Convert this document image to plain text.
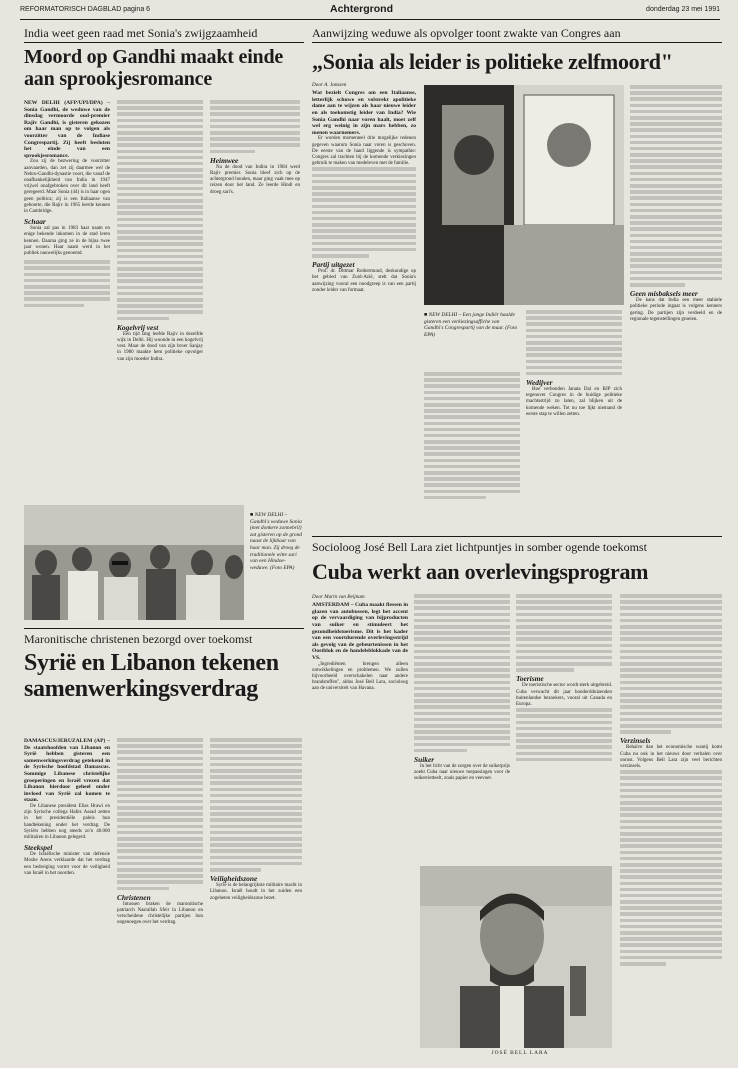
REFORMATORISCH DAGBLAD pagina 6	Achtergrond	donderdag 23 mei 1991
India weet geen raad met Sonia's zwijgzaamheid
Moord op Gandhi maakt einde aan sprookjesromance

NEW DELHI (AFP/UPI/DPA) – Sonia Gandhi, de weduwe van de dinsdag vermoorde oud-premier Rajiv Gandhi, is gisteren gekozen om haar man op te volgen als voorzitter van de Indiase Congrespartij. Zij heeft besloten het einde van een sprookjesromance.

Zou zij de bezwering de voorzitter aanvaarden, dan zet zij daarmee wel de Nehru-Gandhi-dynastie voort, die vanaf de onafhankelijkheid van India in 1947 vrijwel onafgebroken over dit land heeft geregeerd. Maar Sonia (44) is in haar ogen geen politica; zij is een Italiaanse van geboorte, die Rajiv in 1965 leerde kennen in Cambridge.

Schaar

Sonia zal pas in 1983 haar naam en enige bekende inkomen in de stad leren kennen. Daarna ging ze in de bijna twee jaar wonen. Haar naam werd in het publiek nauwelijks genoemd.

Kogelvrij vest

Een tijd lang leefde Rajiv in dezelfde wijk in Delhi. Hij woonde in een kogelvrij vest. Maar de dood van zijn broer Sanjay in 1980 maakte hem politieke opvolger van zijn moeder Indira.

Heimwee

Na de dood van Indira in 1984 werd Rajiv premier. Sonia bleef zich op de achtergrond houden, maar ging vaak mee op reizen door het land. Ze leerde Hindi en droeg sari's.

■ NEW DELHI – Gandhi's weduwe Sonia (met donkere zonnebril) zat gisteren op de grond naast de lijkbaar van haar man. Zij droeg de traditionele witte sari van een Hindoe-weduwe. (Foto EPA)
Aanwijzing weduwe als opvolger toont zwakte van Congres aan
„Sonia als leider is politieke zelfmoord"

Door A. Janssen

Wat bezielt Congres om een Italiaanse, letterlijk schuwe en volstrekt apolitieke dame aan te wijzen als haar nieuwe leider en als toekomstig leider van India? Wie Sonia Gandhi naar voren haalt, moet zelf wel erg weinig in zijn mars hebben, zo menen waarnemers.

Er worden momenteel drie mogelijke redenen gegeven waarom Sonia naar voren is geschoven. De eerste van de hand liggende is sympathie: Congres zal trachten bij de komende verkiezingen gebruik te maken van medeleven met de familie.

Partij uitgezet

Prof. dr. Dittmar Rothermund, deskundige op het gebied van Zuid-Azië, stelt dat Sonia's aanwijzing vooral een noodgreep is van een partij zonder leider van formaat.

■ NEW DELHI – Een jonge Indiër haalde gisteren een verkiezingsaffiche van Gandhi's Congrespartij van de muur. (Foto EPA)

Wedijver

Hoe verbonden Janata Dal en BJP zich tegenover Congres in de huidige politieke machtsstrijd zo laten, zal blijken uit de komende weken. Tot nu toe lijkt niemand de eerste stap te willen zetten.

Geen misbaksels meer

De kans dat India een meer stabiele politieke periode ingaat is volgens kenners gering. De partijen zijn verdeeld en de regionale tegenstellingen groeien.

Maronitische christenen bezorgd over toekomst
Syrië en Libanon tekenen samenwerkingsverdrag

DAMASCUS/JERUZALEM (AP) – De staatshoofden van Libanon en Syrië hebben gisteren een samenwerkingsverdrag getekend in de Syrische hoofdstad Damascus. Sommige Libanese christelijke groeperingen en Israël vrezen dat Libanon hierdoor geheel onder invloed van Syrië zal komen te staan.

De Libanese president Elias Hrawi en zijn Syrische collega Hafez Assad zetten in het presidentiële paleis hun handtekening onder het verdrag. De Syriërs hebben nog steeds zo'n 40.000 militairen in Libanon gelegerd.

Steekspel

De Israëlische minister van defensie Moshe Arens verklaarde dat het verdrag een bedreiging vormt voor de veiligheid van Israël in het noorden.

Christenen

Intussen braken de maronitische patriarch Nasrallah Sfeir in Libanon en verscheidene christelijke partijen hun ongenoegen over het verdrag.

Veiligheidszone

Syrië is de belangrijkste militaire macht in Libanon. Israël houdt in het zuiden een zogeheten veiligheidszone bezet.

Socioloog José Bell Lara ziet lichtpuntjes in somber ogende toekomst
Cuba werkt aan overlevingsprogram

Door Marin van Beijnum

AMSTERDAM – Cuba maakt flessen in glazen van autobussen, legt het accent op de vervaardiging van bijproducten van suiker en stimuleert het gezondheidstoerisme. Dit is het kader van een voortdurende overlevingsstrijd als gevolg van de gebeurtenissen in het Oostblok en de handelsblokkade van de VS.

„Ingrediënten brengen alleen ontwikkelingen en problemen. We zullen bijvoorbeeld overschakelen naar andere brandstoffen", aldus José Bell Lara, socioloog aan de universiteit van Havana.

Suiker

In het licht van de zorgen over de suikerprijs zoekt Cuba naar nieuwe toepassingen voor de suikerrietteelt, zoals papier en veevoer.

Toerisme

De toeristische sector wordt sterk uitgebreid. Cuba verwacht dit jaar honderdduizenden buitenlandse bezoekers, vooral uit Canada en Europa.

Verzinsels

Behalve dan het economische wantij komt Cuba nu ook in het nieuws door verhalen over onrust. Volgens Bell Lara zijn veel berichten verzinsels.

JOSÉ BELL LARA
